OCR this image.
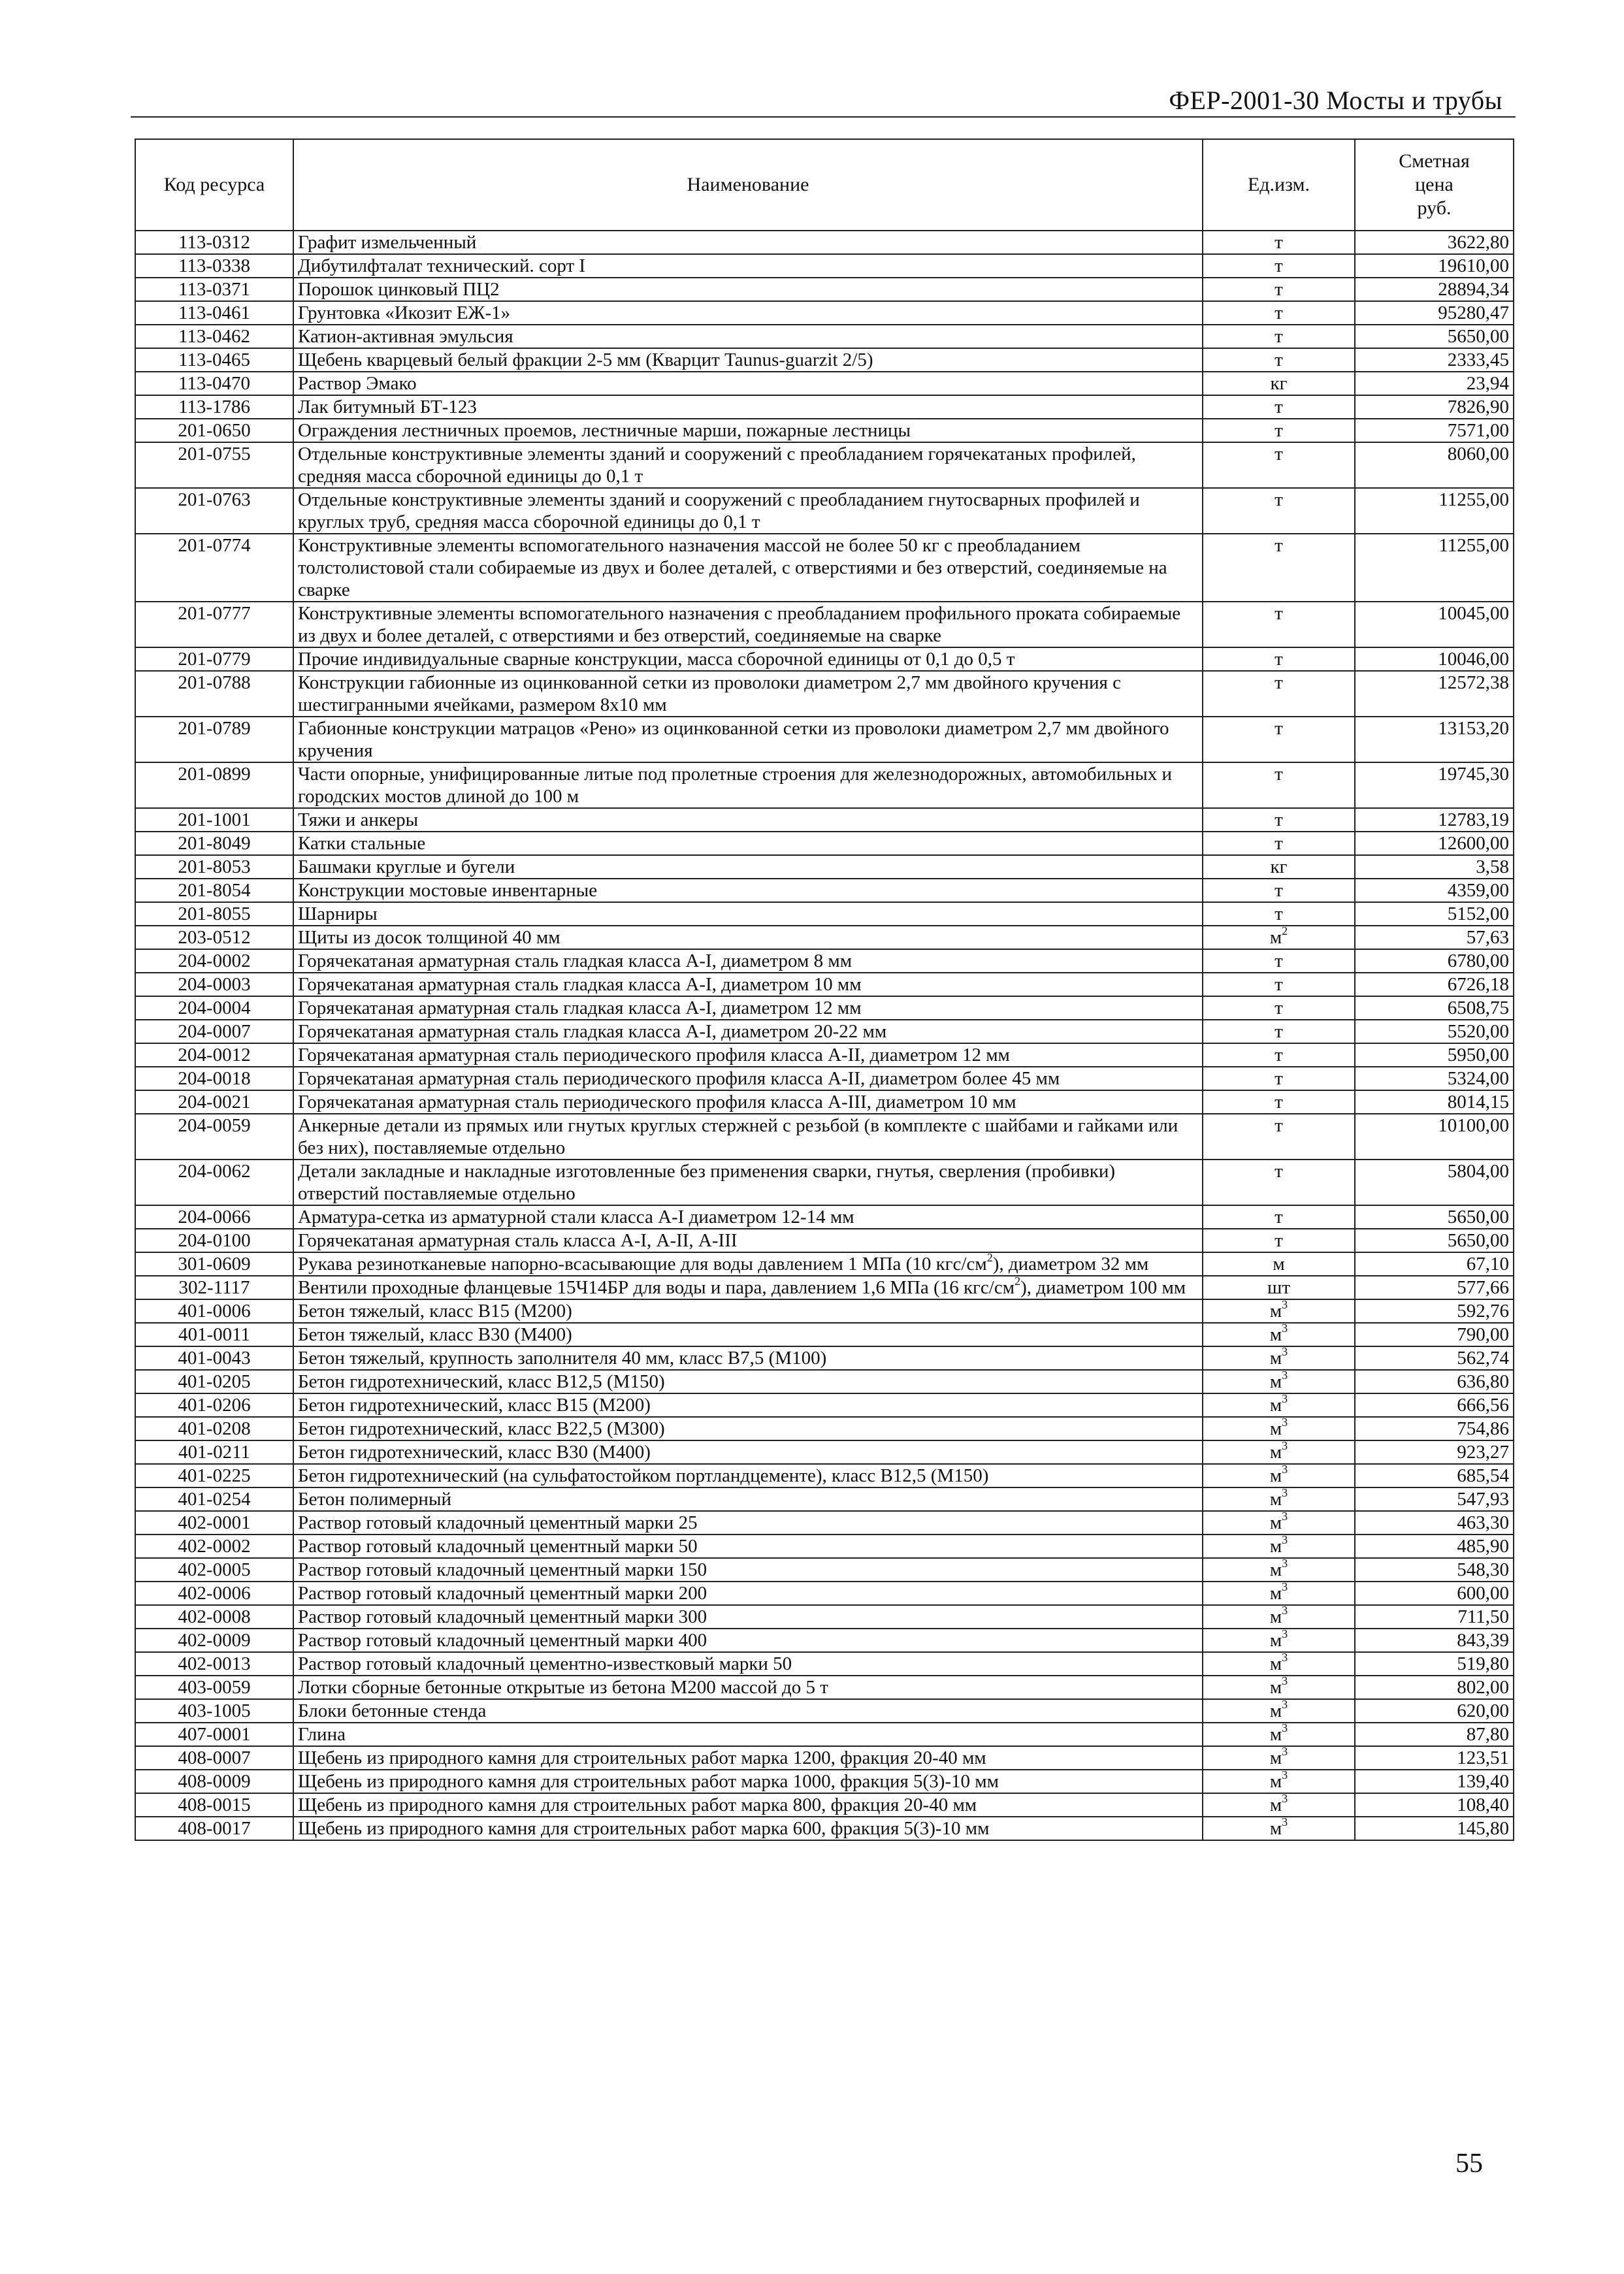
ФЕР-2001-30 Мосты и трубы
Код ресурса	Наименование	Ед.изм.	Сметная
цена
руб.

113-0312	Графит измельченный	т	3622,80
113-0338	Дибутилфталат технический. сорт I	т	19610,00
113-0371	Порошок цинковый ПЦ2	т	28894,34
113-0461	Грунтовка «Икозит ЕЖ-1»	т	95280,47
113-0462	Катион-активная эмульсия	т	5650,00
113-0465	Щебень кварцевый белый фракции 2-5 мм (Кварцит Taunus-guarzit 2/5)	т	2333,45
113-0470	Раствор Эмако	кг	23,94
113-1786	Лак битумный БТ-123	т	7826,90
201-0650	Ограждения лестничных проемов, лестничные марши, пожарные лестницы	т	7571,00
201-0755	Отдельные конструктивные элементы зданий и сооружений с преобладанием горячекатаных профилей, средняя масса сборочной единицы до 0,1 т	т	8060,00
201-0763	Отдельные конструктивные элементы зданий и сооружений с преобладанием гнутосварных профилей и круглых труб, средняя масса сборочной единицы до 0,1 т	т	11255,00
201-0774	Конструктивные элементы вспомогательного назначения массой не более 50 кг с преобладанием толстолистовой стали собираемые из двух и более деталей, с отверстиями и без отверстий, соединяемые на сварке	т	11255,00
201-0777	Конструктивные элементы вспомогательного назначения с преобладанием профильного проката собираемые из двух и более деталей, с отверстиями и без отверстий, соединяемые на сварке	т	10045,00
201-0779	Прочие индивидуальные сварные конструкции, масса сборочной единицы от 0,1 до 0,5 т	т	10046,00
201-0788	Конструкции габионные из оцинкованной сетки из проволоки диаметром 2,7 мм двойного кручения с шестигранными ячейками, размером 8x10 мм	т	12572,38
201-0789	Габионные конструкции матрацов «Рено» из оцинкованной сетки из проволоки диаметром 2,7 мм двойного кручения	т	13153,20
201-0899	Части опорные, унифицированные литые под пролетные строения для железнодорожных, автомобильных и городских мостов длиной до 100 м	т	19745,30
201-1001	Тяжи и анкеры	т	12783,19
201-8049	Катки стальные	т	12600,00
201-8053	Башмаки круглые и бугели	кг	3,58
201-8054	Конструкции мостовые инвентарные	т	4359,00
201-8055	Шарниры	т	5152,00
203-0512	Щиты из досок толщиной 40 мм	$м^2$	57,63
204-0002	Горячекатаная арматурная сталь гладкая класса А-I, диаметром 8 мм	т	6780,00
204-0003	Горячекатаная арматурная сталь гладкая класса А-I, диаметром 10 мм	т	6726,18
204-0004	Горячекатаная арматурная сталь гладкая класса А-I, диаметром 12 мм	т	6508,75
204-0007	Горячекатаная арматурная сталь гладкая класса А-I, диаметром 20-22 мм	т	5520,00
204-0012	Горячекатаная арматурная сталь периодического профиля класса А-II, диаметром 12 мм	т	5950,00
204-0018	Горячекатаная арматурная сталь периодического профиля класса А-II, диаметром более 45 мм	т	5324,00
204-0021	Горячекатаная арматурная сталь периодического профиля класса А-III, диаметром 10 мм	т	8014,15
204-0059	Анкерные детали из прямых или гнутых круглых стержней с резьбой (в комплекте с шайбами и гайками или без них), поставляемые отдельно	т	10100,00
204-0062	Детали закладные и накладные изготовленные без применения сварки, гнутья, сверления (пробивки) отверстий поставляемые отдельно	т	5804,00
204-0066	Арматура-сетка из арматурной стали класса А-I диаметром 12-14 мм	т	5650,00
204-0100	Горячекатаная арматурная сталь класса А-I, А-II, А-III	т	5650,00
301-0609	Рукава резинотканевые напорно-всасывающие для воды давлением 1 МПа (10 кгс/$см^2$), диаметром 32 мм	м	67,10
302-1117	Вентили проходные фланцевые 15Ч14БР для воды и пара, давлением 1,6 МПа (16 кгс/$см^2$), диаметром 100 мм	шт	577,66
401-0006	Бетон тяжелый, класс В15 (М200)	$м^3$	592,76
401-0011	Бетон тяжелый, класс В30 (М400)	$м^3$	790,00
401-0043	Бетон тяжелый, крупность заполнителя 40 мм, класс В7,5 (М100)	$м^3$	562,74
401-0205	Бетон гидротехнический, класс В12,5 (М150)	$м^3$	636,80
401-0206	Бетон гидротехнический, класс В15 (М200)	$м^3$	666,56
401-0208	Бетон гидротехнический, класс В22,5 (М300)	$м^3$	754,86
401-0211	Бетон гидротехнический, класс В30 (М400)	$м^3$	923,27
401-0225	Бетон гидротехнический (на сульфатостойком портландцементе), класс В12,5 (М150)	$м^3$	685,54
401-0254	Бетон полимерный	$м^3$	547,93
402-0001	Раствор готовый кладочный цементный марки 25	$м^3$	463,30
402-0002	Раствор готовый кладочный цементный марки 50	$м^3$	485,90
402-0005	Раствор готовый кладочный цементный марки 150	$м^3$	548,30
402-0006	Раствор готовый кладочный цементный марки 200	$м^3$	600,00
402-0008	Раствор готовый кладочный цементный марки 300	$м^3$	711,50
402-0009	Раствор готовый кладочный цементный марки 400	$м^3$	843,39
402-0013	Раствор готовый кладочный цементно-известковый марки 50	$м^3$	519,80
403-0059	Лотки сборные бетонные открытые из бетона М200 массой до 5 т	$м^3$	802,00
403-1005	Блоки бетонные стенда	$м^3$	620,00
407-0001	Глина	$м^3$	87,80
408-0007	Щебень из природного камня для строительных работ марка 1200, фракция 20-40 мм	$м^3$	123,51
408-0009	Щебень из природного камня для строительных работ марка 1000, фракция 5(3)-10 мм	$м^3$	139,40
408-0015	Щебень из природного камня для строительных работ марка 800, фракция 20-40 мм	$м^3$	108,40
408-0017	Щебень из природного камня для строительных работ марка 600, фракция 5(3)-10 мм	$м^3$	145,80
55
